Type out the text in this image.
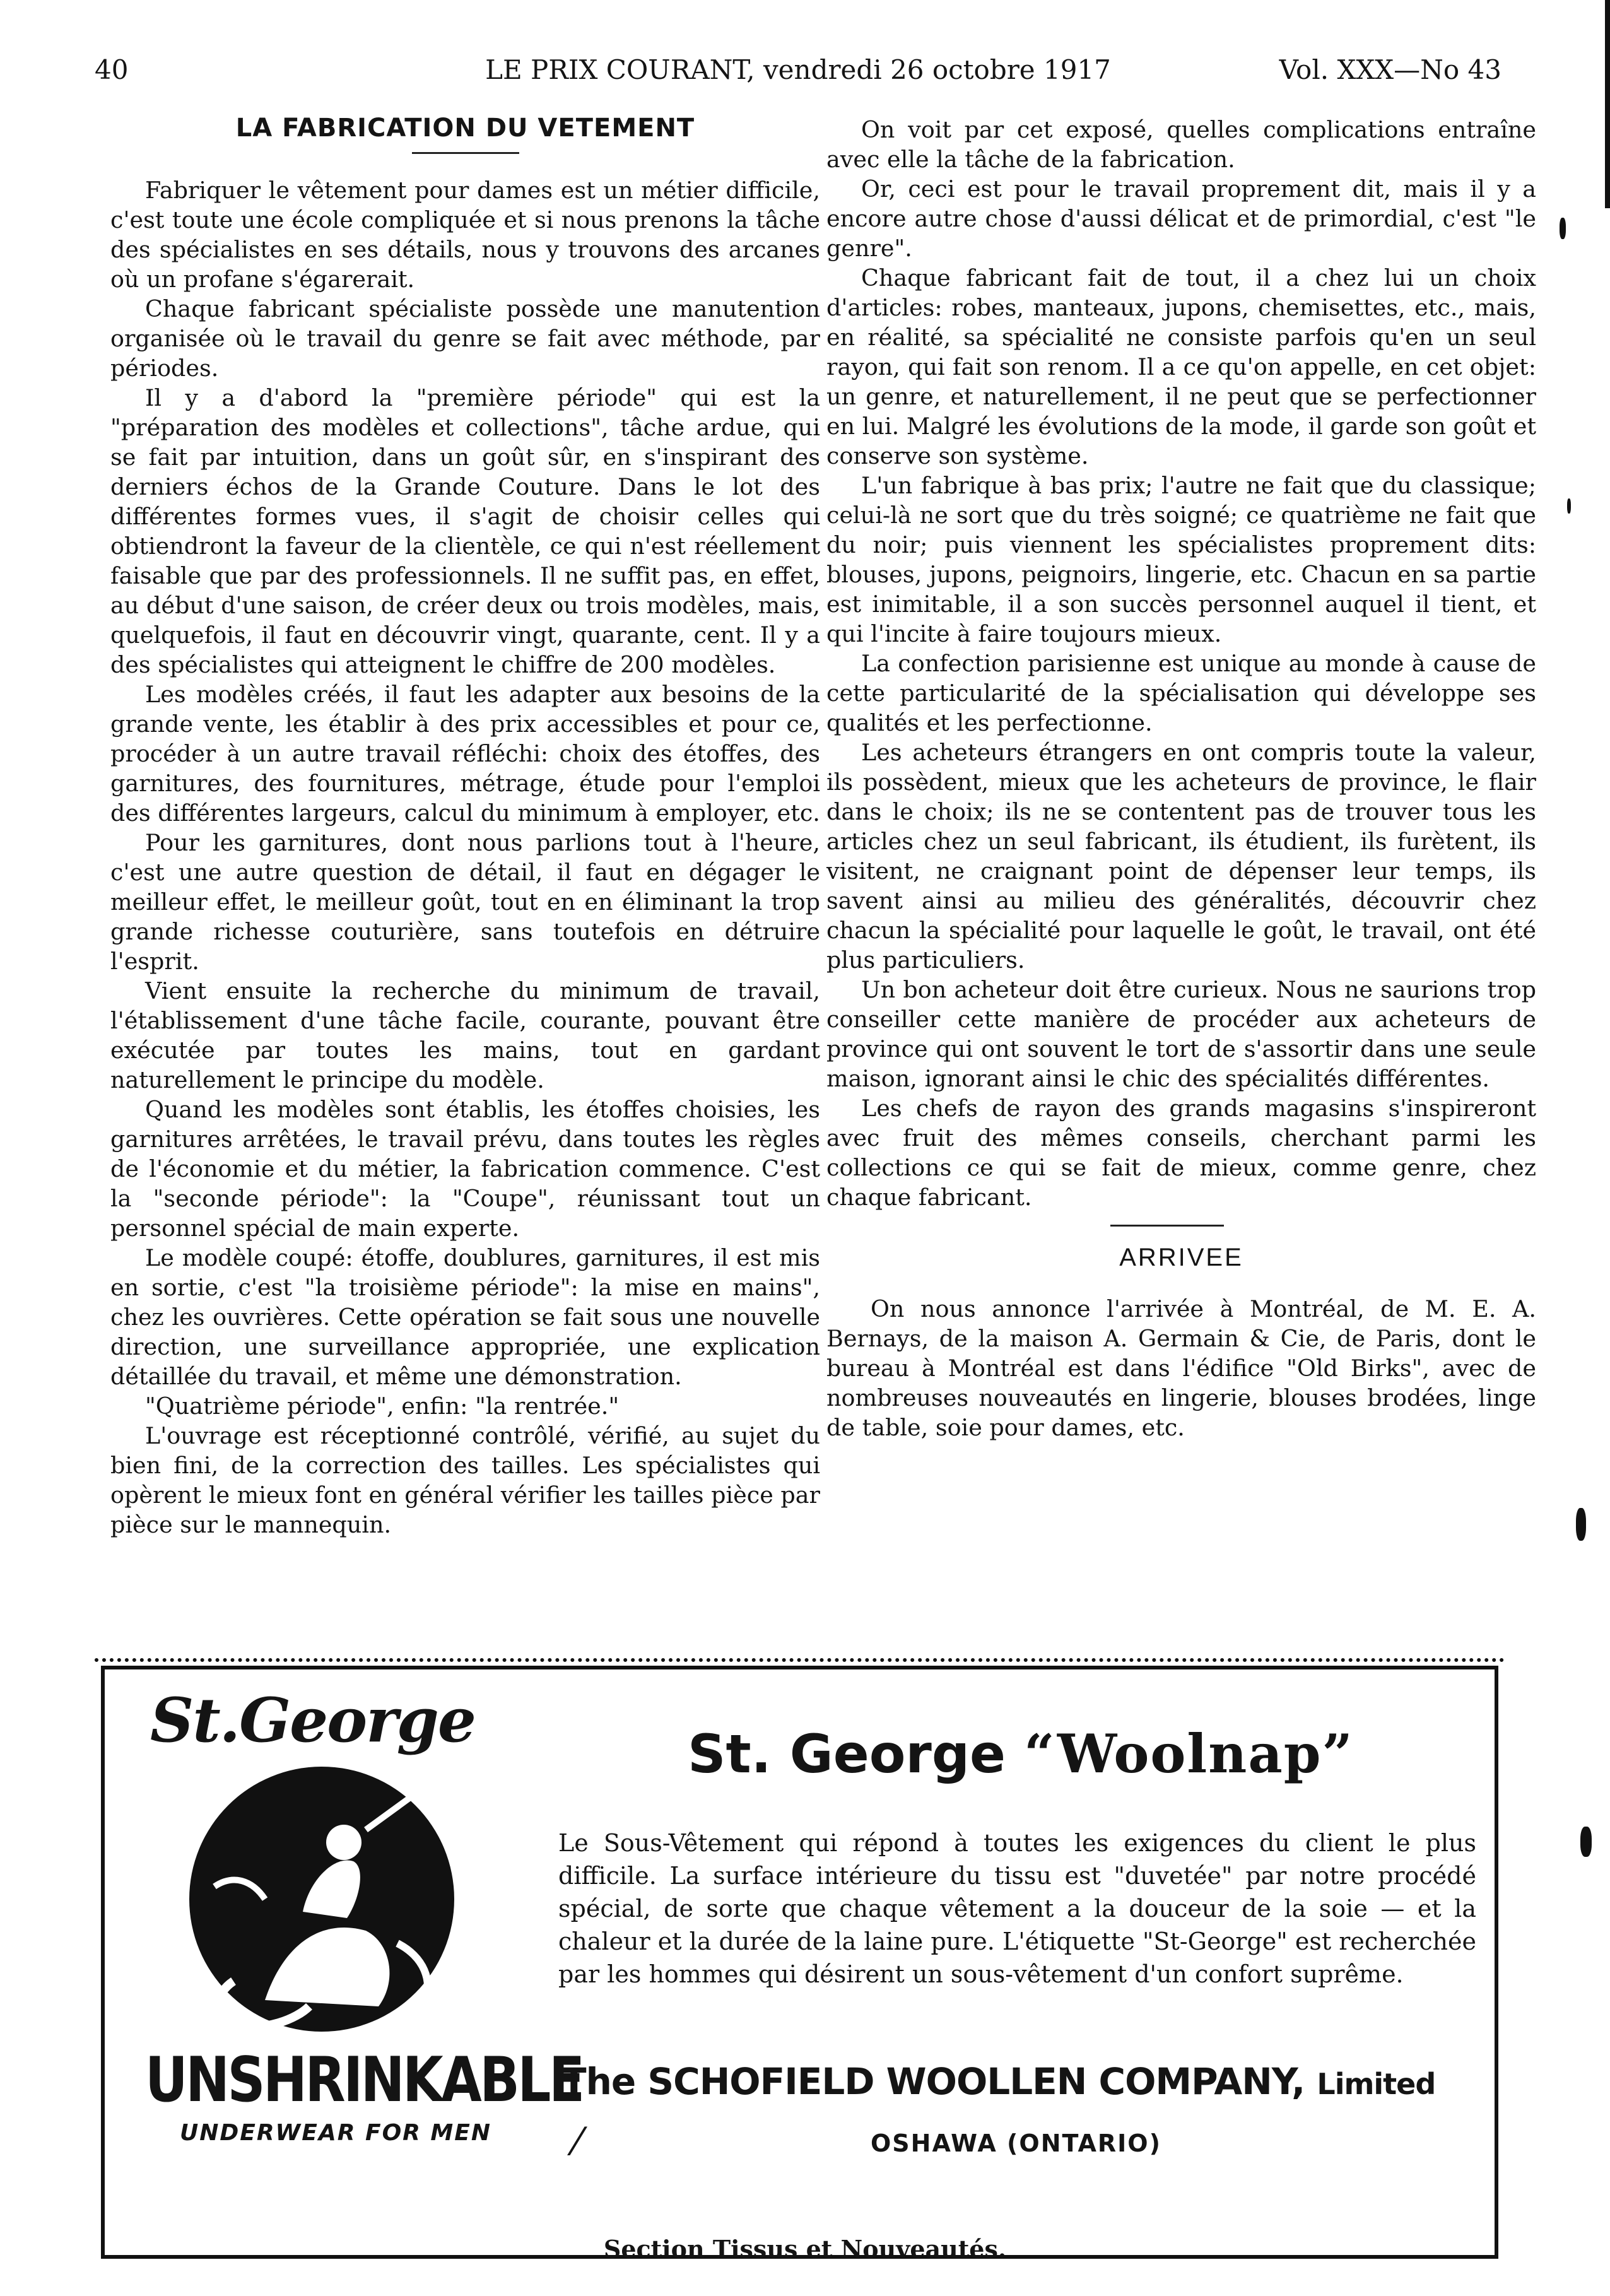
40	LE PRIX COURANT, vendredi 26 octobre 1917	Vol. XXX—No 43
LA FABRICATION DU VETEMENT

Fabriquer le vêtement pour dames est un métier difficile, c'est toute une école compliquée et si nous prenons la tâche des spécialistes en ses détails, nous y trouvons des arcanes où un profane s'égarerait.

Chaque fabricant spécialiste possède une manutention organisée où le travail du genre se fait avec méthode, par périodes.

Il y a d'abord la "première période" qui est la "préparation des modèles et collections", tâche ardue, qui se fait par intuition, dans un goût sûr, en s'inspirant des derniers échos de la Grande Couture. Dans le lot des différentes formes vues, il s'agit de choisir celles qui obtiendront la faveur de la clientèle, ce qui n'est réellement faisable que par des professionnels. Il ne suffit pas, en effet, au début d'une saison, de créer deux ou trois modèles, mais, quelquefois, il faut en découvrir vingt, quarante, cent. Il y a des spécialistes qui atteignent le chiffre de 200 modèles.

Les modèles créés, il faut les adapter aux besoins de la grande vente, les établir à des prix accessibles et pour ce, procéder à un autre travail réfléchi: choix des étoffes, des garnitures, des fournitures, métrage, étude pour l'emploi des différentes largeurs, calcul du minimum à employer, etc.

Pour les garnitures, dont nous parlions tout à l'heure, c'est une autre question de détail, il faut en dégager le meilleur effet, le meilleur goût, tout en en éliminant la trop grande richesse couturière, sans toutefois en détruire l'esprit.

Vient ensuite la recherche du minimum de travail, l'établissement d'une tâche facile, courante, pouvant être exécutée par toutes les mains, tout en gardant naturellement le principe du modèle.

Quand les modèles sont établis, les étoffes choisies, les garnitures arrêtées, le travail prévu, dans toutes les règles de l'économie et du métier, la fabrication commence. C'est la "seconde période": la "Coupe", réunissant tout un personnel spécial de main experte.

Le modèle coupé: étoffe, doublures, garnitures, il est mis en sortie, c'est "la troisième période": la mise en mains", chez les ouvrières. Cette opération se fait sous une nouvelle direction, une surveillance appropriée, une explication détaillée du travail, et même une démonstration.

"Quatrième période", enfin: "la rentrée."

L'ouvrage est réceptionné contrôlé, vérifié, au sujet du bien fini, de la correction des tailles. Les spécialistes qui opèrent le mieux font en général vérifier les tailles pièce par pièce sur le mannequin.

On voit par cet exposé, quelles complications entraîne avec elle la tâche de la fabrication.

Or, ceci est pour le travail proprement dit, mais il y a encore autre chose d'aussi délicat et de primordial, c'est "le genre".

Chaque fabricant fait de tout, il a chez lui un choix d'articles: robes, manteaux, jupons, chemisettes, etc., mais, en réalité, sa spécialité ne consiste parfois qu'en un seul rayon, qui fait son renom. Il a ce qu'on appelle, en cet objet: un genre, et naturellement, il ne peut que se perfectionner en lui. Malgré les évolutions de la mode, il garde son goût et conserve son système.

L'un fabrique à bas prix; l'autre ne fait que du classique; celui-là ne sort que du très soigné; ce quatrième ne fait que du noir; puis viennent les spécialistes proprement dits: blouses, jupons, peignoirs, lingerie, etc. Chacun en sa partie est inimitable, il a son succès personnel auquel il tient, et qui l'incite à faire toujours mieux.

La confection parisienne est unique au monde à cause de cette particularité de la spécialisation qui développe ses qualités et les perfectionne.

Les acheteurs étrangers en ont compris toute la valeur, ils possèdent, mieux que les acheteurs de province, le flair dans le choix; ils ne se contentent pas de trouver tous les articles chez un seul fabricant, ils étudient, ils furètent, ils visitent, ne craignant point de dépenser leur temps, ils savent ainsi au milieu des généralités, découvrir chez chacun la spécialité pour laquelle le goût, le travail, ont été plus particuliers.

Un bon acheteur doit être curieux. Nous ne saurions trop conseiller cette manière de procéder aux acheteurs de province qui ont souvent le tort de s'assortir dans une seule maison, ignorant ainsi le chic des spécialités différentes.

Les chefs de rayon des grands magasins s'inspireront avec fruit des mêmes conseils, cherchant parmi les collections ce qui se fait de mieux, comme genre, chez chaque fabricant.

ARRIVEE

On nous annonce l'arrivée à Montréal, de M. E. A. Bernays, de la maison A. Germain & Cie, de Paris, dont le bureau à Montréal est dans l'édifice "Old Birks", avec de nombreuses nouveautés en lingerie, blouses brodées, linge de table, soie pour dames, etc.

St.George
UNSHRINKABLE
UNDERWEAR FOR MEN
St. George “Woolnap”
Le Sous-Vêtement qui répond à toutes les exigences du client le plus difficile. La surface intérieure du tissu est "duvetée" par notre procédé spécial, de sorte que chaque vêtement a la douceur de la soie — et la chaleur et la durée de la laine pure. L'étiquette "St-George" est recherchée par les hommes qui désirent un sous-vêtement d'un confort suprême.
The SCHOFIELD WOOLLEN COMPANY, Limited
⁄	OSHAWA (ONTARIO)
Section Tissus et Nouveautés.
